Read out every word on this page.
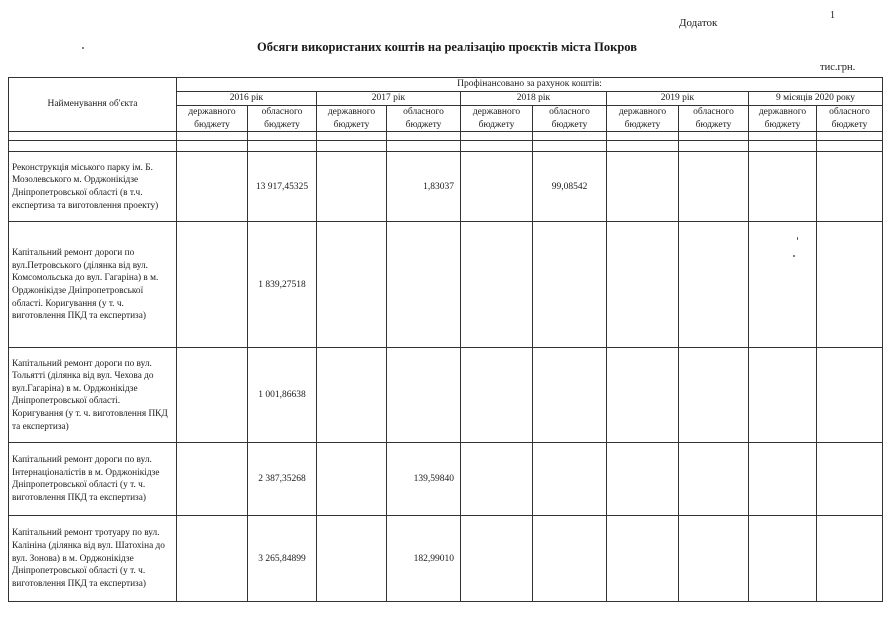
1
Додаток
Обсяги використаних коштів на реалізацію проєктів міста Покров
тис.грн.
Найменування об'єкта	Профінансовано за рахунок коштів:									
	2016 рік		2017 рік		2018 рік		2019 рік		9 місяців 2020 року	
	державного бюджету	обласного бюджету	державного бюджету	обласного бюджету	державного бюджету	обласного бюджету	державного бюджету	обласного бюджету	державного бюджету	обласного бюджету

Реконструкція міського парку ім. Б. Мозолевського м. Орджонікідзе Дніпропетровської області (в т.ч. експертиза та виготовлення проекту)		13 917,45325		1,83037		99,08542				
Капітальний ремонт дороги по вул.Петровського (ділянка від вул. Комсомольська до вул. Гагаріна) в м. Орджонікідзе Дніпропетровської області. Коригування (у т. ч. виготовлення ПКД та експертиза)		1 839,27518								
Капітальний ремонт дороги по вул. Тольятті (ділянка від вул. Чехова до вул.Гагаріна) в м. Орджонікідзе Дніпропетровської області. Коригування (у т. ч. виготовлення ПКД та експертиза)		1 001,86638								
Капітальний ремонт дороги по вул. Інтернаціоналістів в м. Орджонікідзе Дніпропетровської області (у т. ч. виготовлення ПКД та експертиза)		2 387,35268		139,59840						
Капітальний ремонт тротуару по вул. Калініна (ділянка від вул. Шатохіна до вул. Зонова) в м. Орджонікідзе Дніпропетровської області (у т. ч. виготовлення ПКД та експертиза)		3 265,84899		182,99010						
